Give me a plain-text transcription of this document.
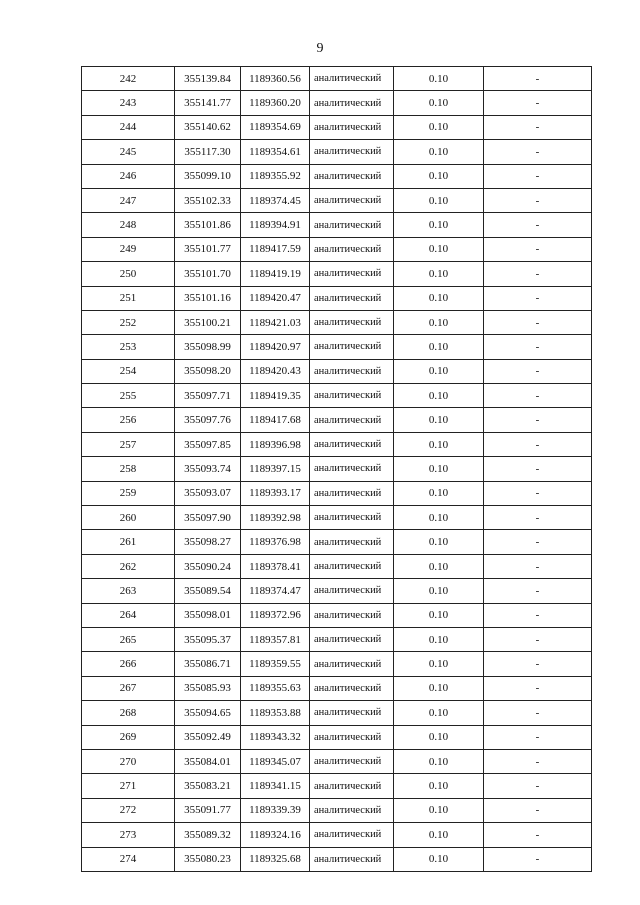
9
242	355139.84	1189360.56	аналитический	0.10	-
243	355141.77	1189360.20	аналитический	0.10	-
244	355140.62	1189354.69	аналитический	0.10	-
245	355117.30	1189354.61	аналитический	0.10	-
246	355099.10	1189355.92	аналитический	0.10	-
247	355102.33	1189374.45	аналитический	0.10	-
248	355101.86	1189394.91	аналитический	0.10	-
249	355101.77	1189417.59	аналитический	0.10	-
250	355101.70	1189419.19	аналитический	0.10	-
251	355101.16	1189420.47	аналитический	0.10	-
252	355100.21	1189421.03	аналитический	0.10	-
253	355098.99	1189420.97	аналитический	0.10	-
254	355098.20	1189420.43	аналитический	0.10	-
255	355097.71	1189419.35	аналитический	0.10	-
256	355097.76	1189417.68	аналитический	0.10	-
257	355097.85	1189396.98	аналитический	0.10	-
258	355093.74	1189397.15	аналитический	0.10	-
259	355093.07	1189393.17	аналитический	0.10	-
260	355097.90	1189392.98	аналитический	0.10	-
261	355098.27	1189376.98	аналитический	0.10	-
262	355090.24	1189378.41	аналитический	0.10	-
263	355089.54	1189374.47	аналитический	0.10	-
264	355098.01	1189372.96	аналитический	0.10	-
265	355095.37	1189357.81	аналитический	0.10	-
266	355086.71	1189359.55	аналитический	0.10	-
267	355085.93	1189355.63	аналитический	0.10	-
268	355094.65	1189353.88	аналитический	0.10	-
269	355092.49	1189343.32	аналитический	0.10	-
270	355084.01	1189345.07	аналитический	0.10	-
271	355083.21	1189341.15	аналитический	0.10	-
272	355091.77	1189339.39	аналитический	0.10	-
273	355089.32	1189324.16	аналитический	0.10	-
274	355080.23	1189325.68	аналитический	0.10	-
